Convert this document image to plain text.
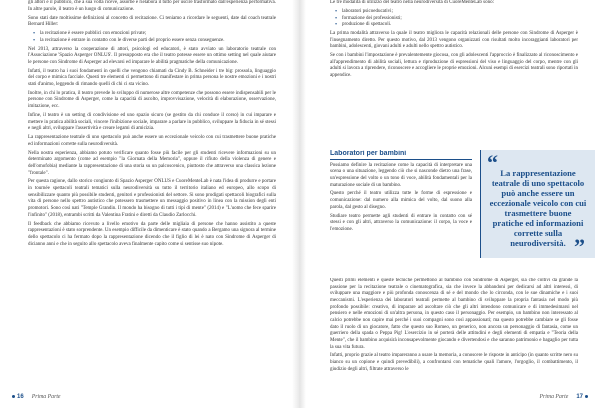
gli attori e il pubblico, che a sua volta riceve, assorbe e rielabora il tutto per uscire trasformato dall'esperienza performativa. In altre parole, il teatro è un luogo di comunicazione.

Sono stati date moltissime definizioni al concetto di recitazione. Ci teniamo a ricordare le seguenti, date dal coach teatrale Bernard Hiller:

• la recitazione è essere pubblici con emozioni private;
• la recitazione è entrare in contatto con le diverse parti del proprio essere senza conseguenze.

Nel 2013, attraverso la cooperazione di attori, psicologi ed educatori, è stato avviato un laboratorio teatrale con l'Associazione 'Spazio Asperger ONLUS'. Il presupposto era che il teatro potesse essere un ottimo setting nel quale aiutare le persone con Sindrome di Asperger ad elevarsi ed imparare le abilità pragmatiche della comunicazione.

Infatti, il teatro ha i suoi fondamenti in quelli che vengono chiamati da Cindy B. Schneider i tre big: prossola, linguaggio del corpo e mimica facciale. Questi tre elementi ci permettono di manifestare in prima persona le nostre emozioni e i nostri stati d'animo, leggendo di rimando quelli di chi ci sta vicino.

Inoltre, in chi lo pratica, il teatro prevede lo sviluppo di numerose altre competenze che possono essere indispensabili per le persone con Sindrome di Asperger, come la capacità di ascolto, improvvisazione, velocità di elaborazione, osservazione, imitazione, ecc.

Infine, il teatro è un setting di condivisione ed uno spazio sicuro (se gestito da chi conduce il corso) in cui imparare e mettere in pratica abilità sociali, vincere l'inibizione sociale, imparare a parlare in pubblico, sviluppare la fiducia in sé stessi e negli altri, sviluppare l'assertività e creare legami di amicizia.

La rappresentazione teatrale di uno spettacolo può anche essere un eccezionale veicolo con cui trasmettere buone pratiche ed informazioni corrette sulla neurodiversità.

Nella nostra esperienza, abbiamo potuto verificare quanto fosse più facile per gli studenti ricevere informazioni su un determinato argomento (come ad esempio "la Giornata della Memoria", oppure il rifiuto della violenza di genere e dell'omofobia) mediante la rappresentazione di una storia su un palcoscenico, piuttosto che attraverso una classica lezione "frontale".

Per questa ragione, dallo storico congiunto di Spazio Asperger ONLUS e CuoreMenteLab è nata l'idea di produrre e portare in tournée spettacoli teatrali tematici sulla neurodiversità su tutto il territorio italiano ed europeo, allo scopo di sensibilizzare quanto più possibile studenti, genitori e professionisti del settore. Si sono prodigati spettacoli biografici sulla vita di persone nello spettro autistico che potessero trasmettere un messaggio positivo in linea con la mission degli enti promotori. Sono così nati "Temple Grandin. Il mondo ha bisogno di tutti i tipi di mente" (2014) e "L'uomo che fece sparire l'infinito" (2018), entrambi scritti da Valentina Fratini e diretti da Claudio Zarlocchi.

Il feedback che abbiamo ricevuto a livello emotivo da parte delle migliaia di persone che hanno assistito a queste rappresentazioni è stato sorprendente. Un esempio difficile da dimenticare è stato quando a Bergamo una signora al termine dello spettacolo ci ha fermato dopo la rappresentazione dicendo che il figlio di lei è nato con Sindrome di Asperger di dicianno anni e che in seguito allo spettacolo aveva finalmente capito come si sentisse suo nipote.

16 Prima Parte

Le tre modalità di utilizzo del teatro nella neurodiversità di CuoreMenteLab sono:

• laboratori psicoeducativi;
• formazione dei professionisti;
• produzione di spettacoli.

La prima modalità attraverso la quale il teatro migliora le capacità relazionali delle persone con Sindrome di Asperger è l'insegnamento diretto. Per questo motivo, dal 2013 vengono organizzati con risultati molto incoraggianti laboratori per bambini, adolescenti, giovani adulti e adulti nello spettro autistico.

Se con i bambini l'impostazione è prevalentemente giocosa, con gli adolescenti l'approccio è finalizzato al riconoscimento e all'apprendimento di abilità sociali, lettura e riproduzione di espressioni del viso e linguaggio del corpo, mentre con gli adulti si lavora a riprendere, riconoscere e accogliere le proprie emozioni. Alcuni esempi di esercizi teatrali sono riportati in appendice.

Laboratori per bambini

Possiamo definire la recitazione come la capacità di interpretare una scena o una situazione, leggendo ciò che si nasconde dietro una frase, un'espressione del volto o un tono di voce, abilità fondamentali per la maturazione sociale di un bambino.

Questo perché il teatro utilizza tutte le forme di espressione e comunicazione: dal numero alla mimica del volto, dal suono alla parola, dal gesto al disegno.

Studiare teatro permette agli studenti di entrare in contatto con sé stessi e con gli altri, attraverso la comunicazione: il corpo, la voce e l'emozione.

“ La rappresentazione teatrale di uno spettacolo può anche essere un eccezionale veicolo con cui trasmettere buone pratiche ed informazioni corrette sulla neurodiversità. ”

Questi primi elementi e queste tecniche permettono al bambino con Sindrome di Asperger, sia che coltivi da grande la passione per la recitazione teatrale o cinematografica, sia che invece la abbandoni per dedicarsi ad altri interessi, di sviluppare una maggiore e più profonda conoscenza di sé e del mondo che lo circonda, con le sue dinamiche e i suoi meccanismi. L'esperienza dei laboratori teatrali permette al bambino di sviluppare la propria fantasia nel modo più profondo possibile: creativo, di imparare ad ascoltare ciò che gli altri intendono comunicare e di immedesimarsi nel pensiero e nelle emozioni di un'altra persona, in questo caso il personaggio. Per esempio, un bambino non interessato al calcio potrebbe non capire mai perché i suoi compagni sono così appassionati; ma questo potrebbe cambiare se gli fosse dato il ruolo di un giocatore, fatto che questo suo Romeo, un generico, non ancora un personaggio di fantasia, come un guerriero della spada o Peppa Pig! L'esercizio in sé porterà delle attitudini e degli elementi di empatia e "Teoria della Mente", che il bambino acquisirà inconsapevolmente giocando e divertendosi e che saranno patrimonio e bagaglio per tutta la sua vita futura.

Infatti, proprio grazie al teatro impareranno a usare la memoria, a conoscere le risposte in anticipo (in quanto scritte nero su bianco su un copione e quindi prevedibili), a confrontarsi con tematiche quali l'amore, l'orgoglio, il combattimento, il giudizio degli altri, filtrate attraverso le

Prima Parte 17
